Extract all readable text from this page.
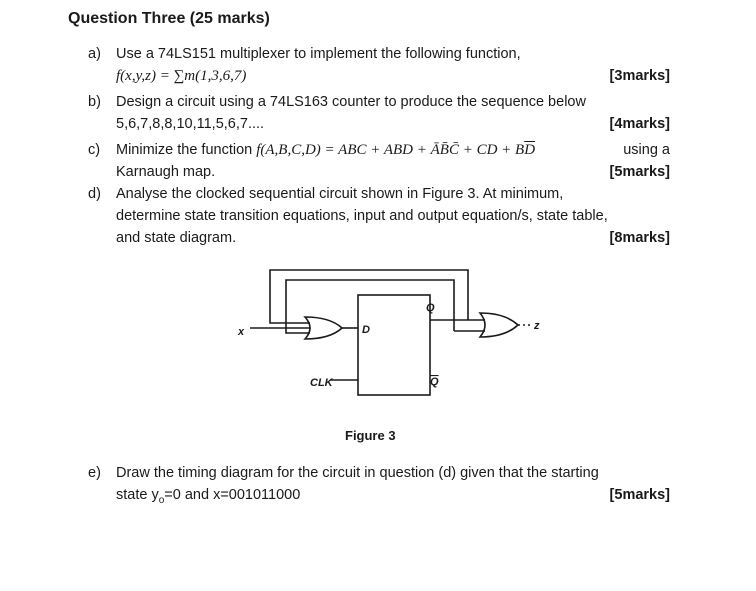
Question Three (25 marks)
a) Use a 74LS151 multiplexer to implement the following function,
f(x,y,z) = ∑m(1,3,6,7)	[3marks]
b) Design a circuit using a 74LS163 counter to produce the sequence below
5,6,7,8,8,10,11,5,6,7....	[4marks]
c) Minimize the function f(A,B,C,D) = ABC + ABD + ĀB̄C̄ + CD + $B\overline{D}$	using a
Karnaugh map.	[5marks]
d) Analyse the clocked sequential circuit shown in Figure 3. At minimum,
determine state transition equations, input and output equation/s, state table,
and state diagram.	[8marks]
x	z
D
Q
Q
CLK
Figure 3
e) Draw the timing diagram for the circuit in question (d) given that the starting
state $y_o=0$ and x=001011000	[5marks]
